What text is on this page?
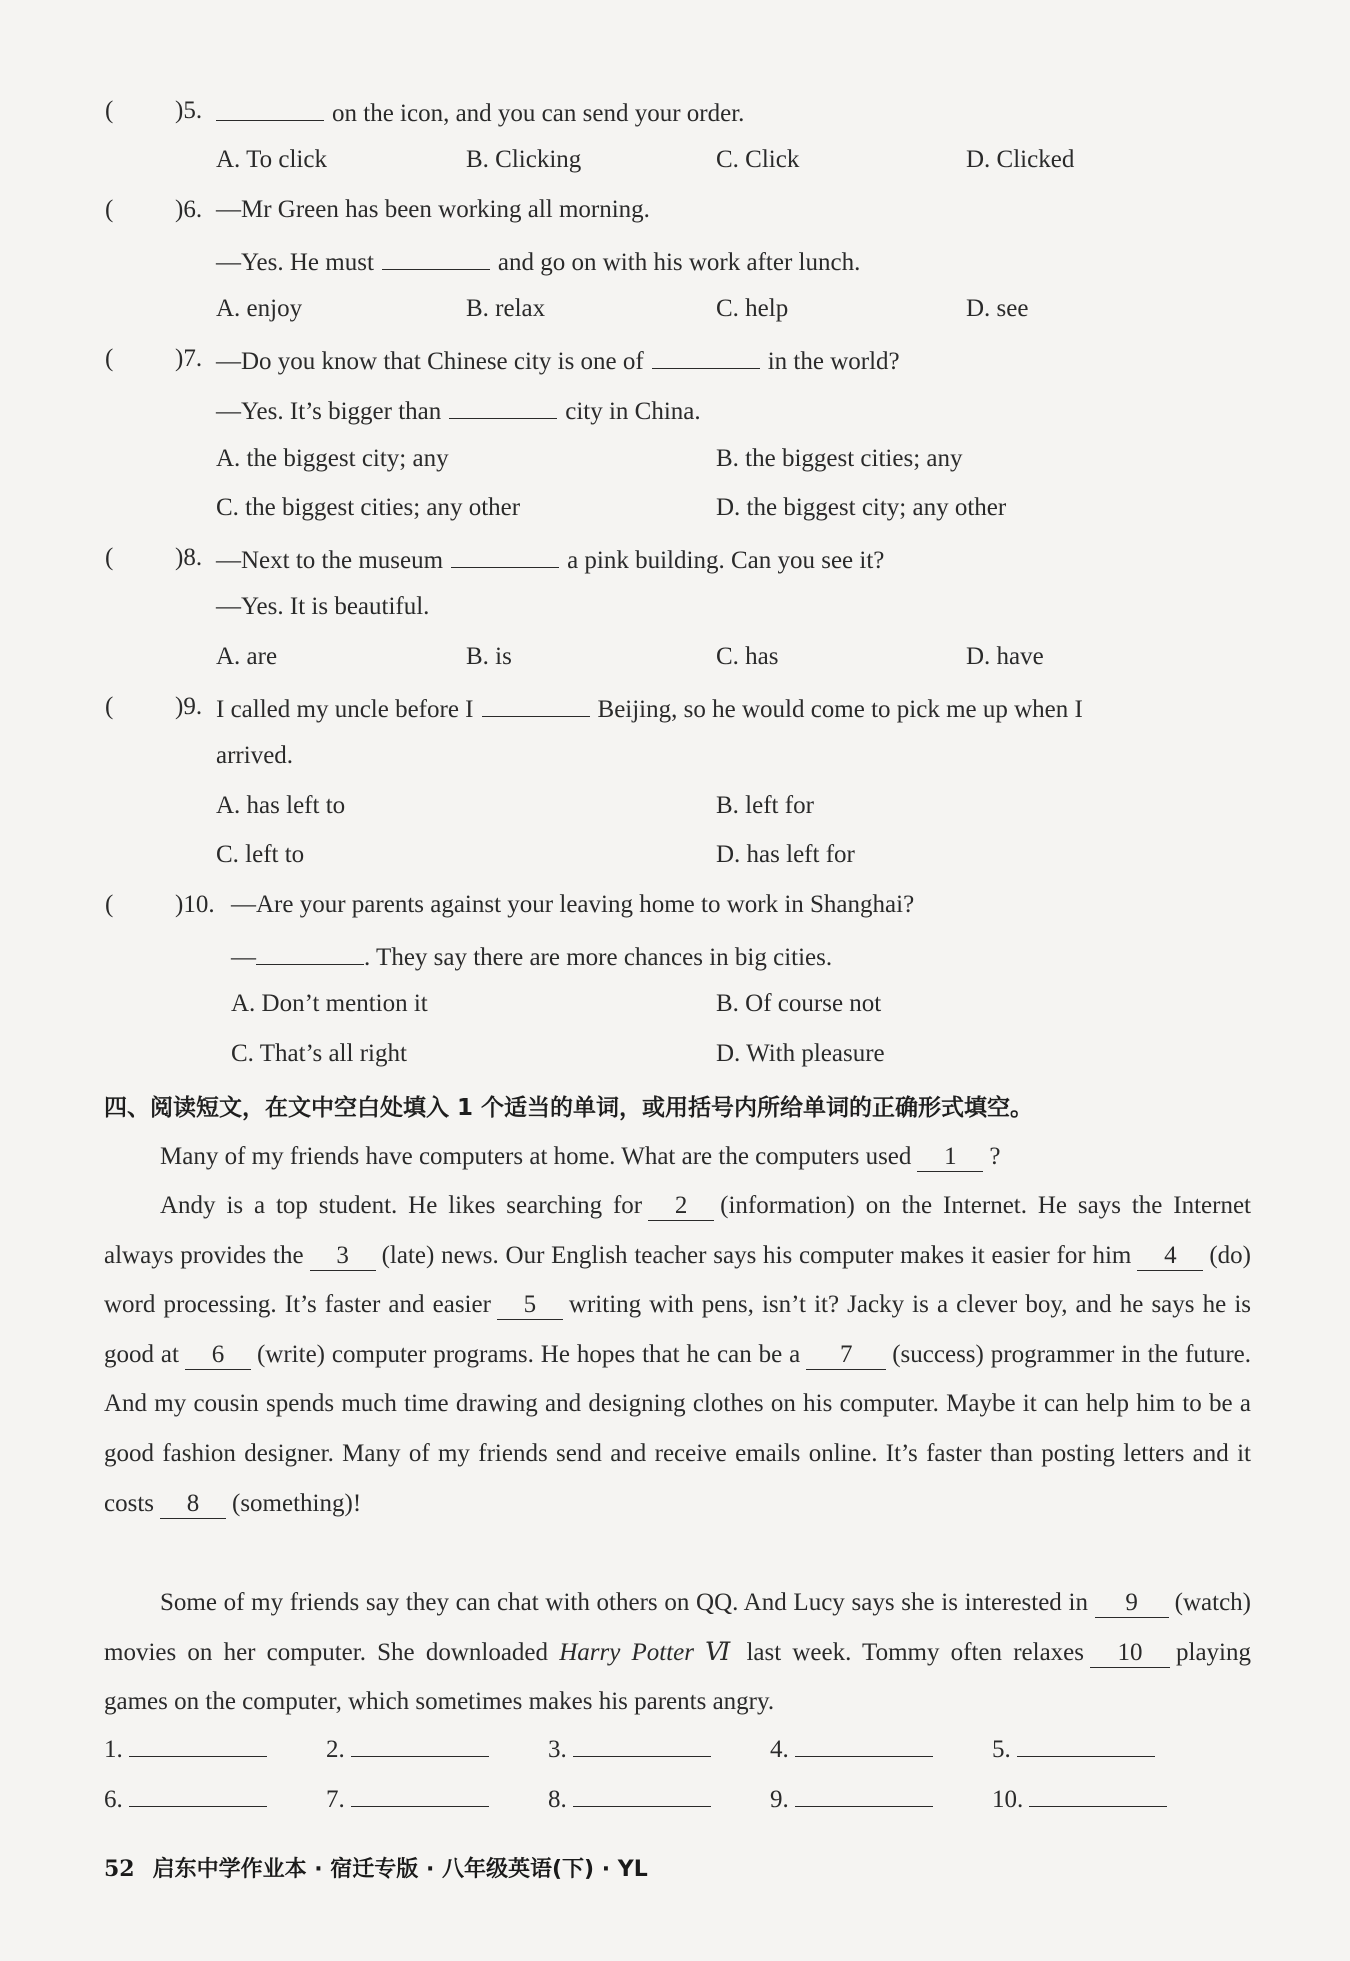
( )5.	on the icon, and you can send your order.
A. To click	B. Clicking	C. Click	D. Clicked
( )6. —Mr Green has been working all morning.
—Yes. He must	and go on with his work after lunch.
A. enjoy	B. relax	C. help	D. see
( )7. —Do you know that Chinese city is one of	in the world?
—Yes. It’s bigger than	city in China.
A. the biggest city; any	B. the biggest cities; any
C. the biggest cities; any other	D. the biggest city; any other
( )8. —Next to the museum	a pink building. Can you see it?
—Yes. It is beautiful.
A. are	B. is	C. has	D. have
( )9. I called my uncle before I	Beijing, so he would come to pick me up when I
arrived.
A. has left to	B. left for
C. left to	D. has left for
( )10. —Are your parents against your leaving home to work in Shanghai?
—	. They say there are more chances in big cities.
A. Don’t mention it	B. Of course not
C. That’s all right	D. With pleasure
四、阅读短文，在文中空白处填入 1 个适当的单词，或用括号内所给单词的正确形式填空。
Many of my friends have computers at home. What are the computers used 1 ?
Andy is a top student. He likes searching for 2 (information) on the Internet. He says the Internet always provides the 3 (late) news. Our English teacher says his computer makes it easier for him 4 (do) word processing. It’s faster and easier 5 writing with pens, isn’t it? Jacky is a clever boy, and he says he is good at 6 (write) computer programs. He hopes that he can be a 7 (success) programmer in the future. And my cousin spends much time drawing and designing clothes on his computer. Maybe it can help him to be a good fashion designer. Many of my friends send and receive emails online. It’s faster than posting letters and it costs 8 (something)!
Some of my friends say they can chat with others on QQ. And Lucy says she is interested in 9 (watch) movies on her computer. She downloaded Harry Potter Ⅵ last week. Tommy often relaxes 10 playing games on the computer, which sometimes makes his parents angry.
1.	2.	3.	4.	5.
6.	7.	8.	9.	10.
52 启东中学作业本 · 宿迁专版 · 八年级英语(下) · YL
